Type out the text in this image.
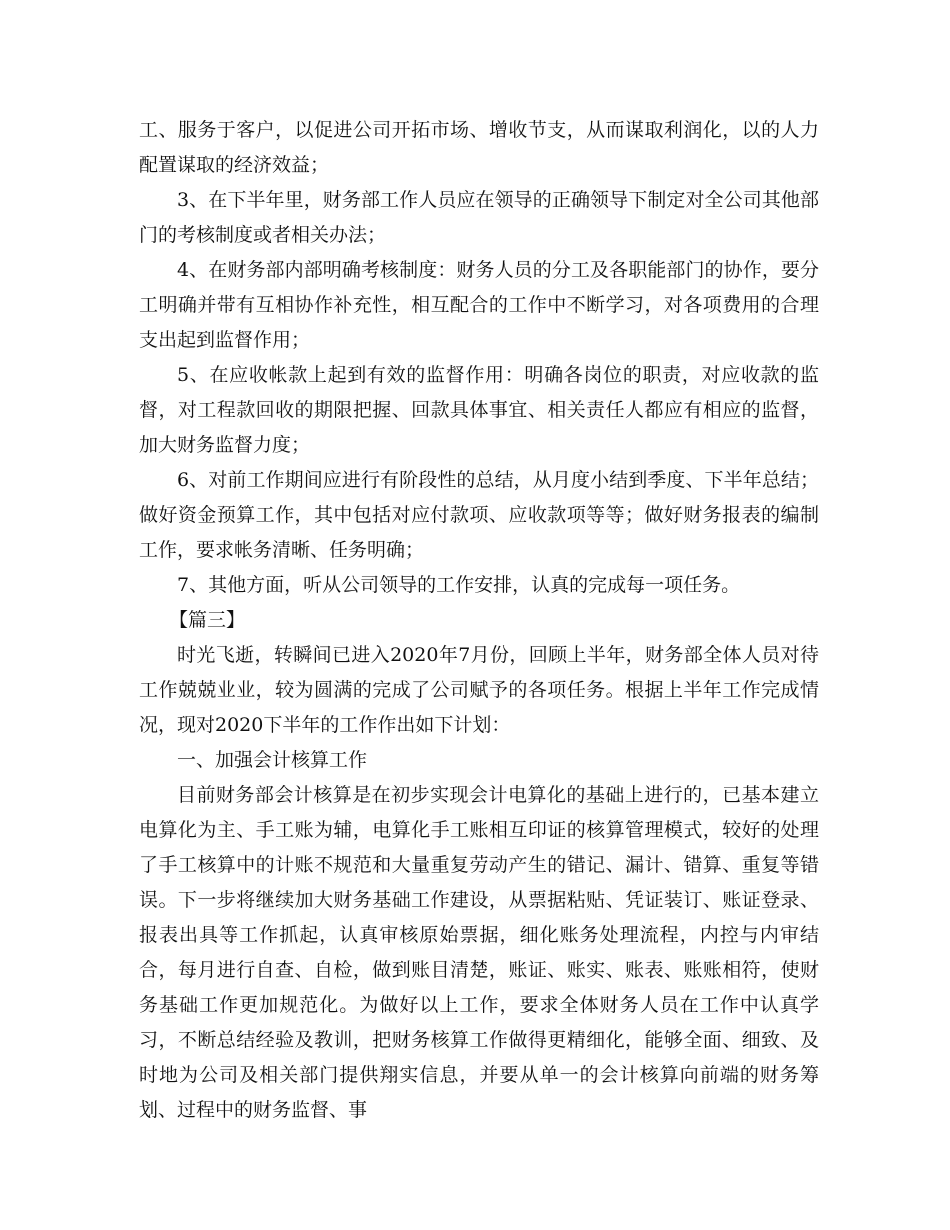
工、服务于客户，以促进公司开拓市场、增收节支，从而谋取利润化，以的人力配置谋取的经济效益；

3、在下半年里，财务部工作人员应在领导的正确领导下制定对全公司其他部门的考核制度或者相关办法；

4、在财务部内部明确考核制度：财务人员的分工及各职能部门的协作，要分工明确并带有互相协作补充性，相互配合的工作中不断学习，对各项费用的合理支出起到监督作用；

5、在应收帐款上起到有效的监督作用：明确各岗位的职责，对应收款的监督，对工程款回收的期限把握、回款具体事宜、相关责任人都应有相应的监督，加大财务监督力度；

6、对前工作期间应进行有阶段性的总结，从月度小结到季度、下半年总结；做好资金预算工作，其中包括对应付款项、应收款项等等；做好财务报表的编制工作，要求帐务清晰、任务明确；

7、其他方面，听从公司领导的工作安排，认真的完成每一项任务。

【篇三】

时光飞逝，转瞬间已进入2020年7月份，回顾上半年，财务部全体人员对待工作兢兢业业，较为圆满的完成了公司赋予的各项任务。根据上半年工作完成情况，现对2020下半年的工作作出如下计划：

一、加强会计核算工作

目前财务部会计核算是在初步实现会计电算化的基础上进行的，已基本建立电算化为主、手工账为辅，电算化手工账相互印证的核算管理模式，较好的处理了手工核算中的计账不规范和大量重复劳动产生的错记、漏计、错算、重复等错误。下一步将继续加大财务基础工作建设，从票据粘贴、凭证装订、账证登录、报表出具等工作抓起，认真审核原始票据，细化账务处理流程，内控与内审结合，每月进行自查、自检，做到账目清楚，账证、账实、账表、账账相符，使财务基础工作更加规范化。为做好以上工作，要求全体财务人员在工作中认真学习，不断总结经验及教训，把财务核算工作做得更精细化，能够全面、细致、及时地为公司及相关部门提供翔实信息，并要从单一的会计核算向前端的财务筹划、过程中的财务监督、事
